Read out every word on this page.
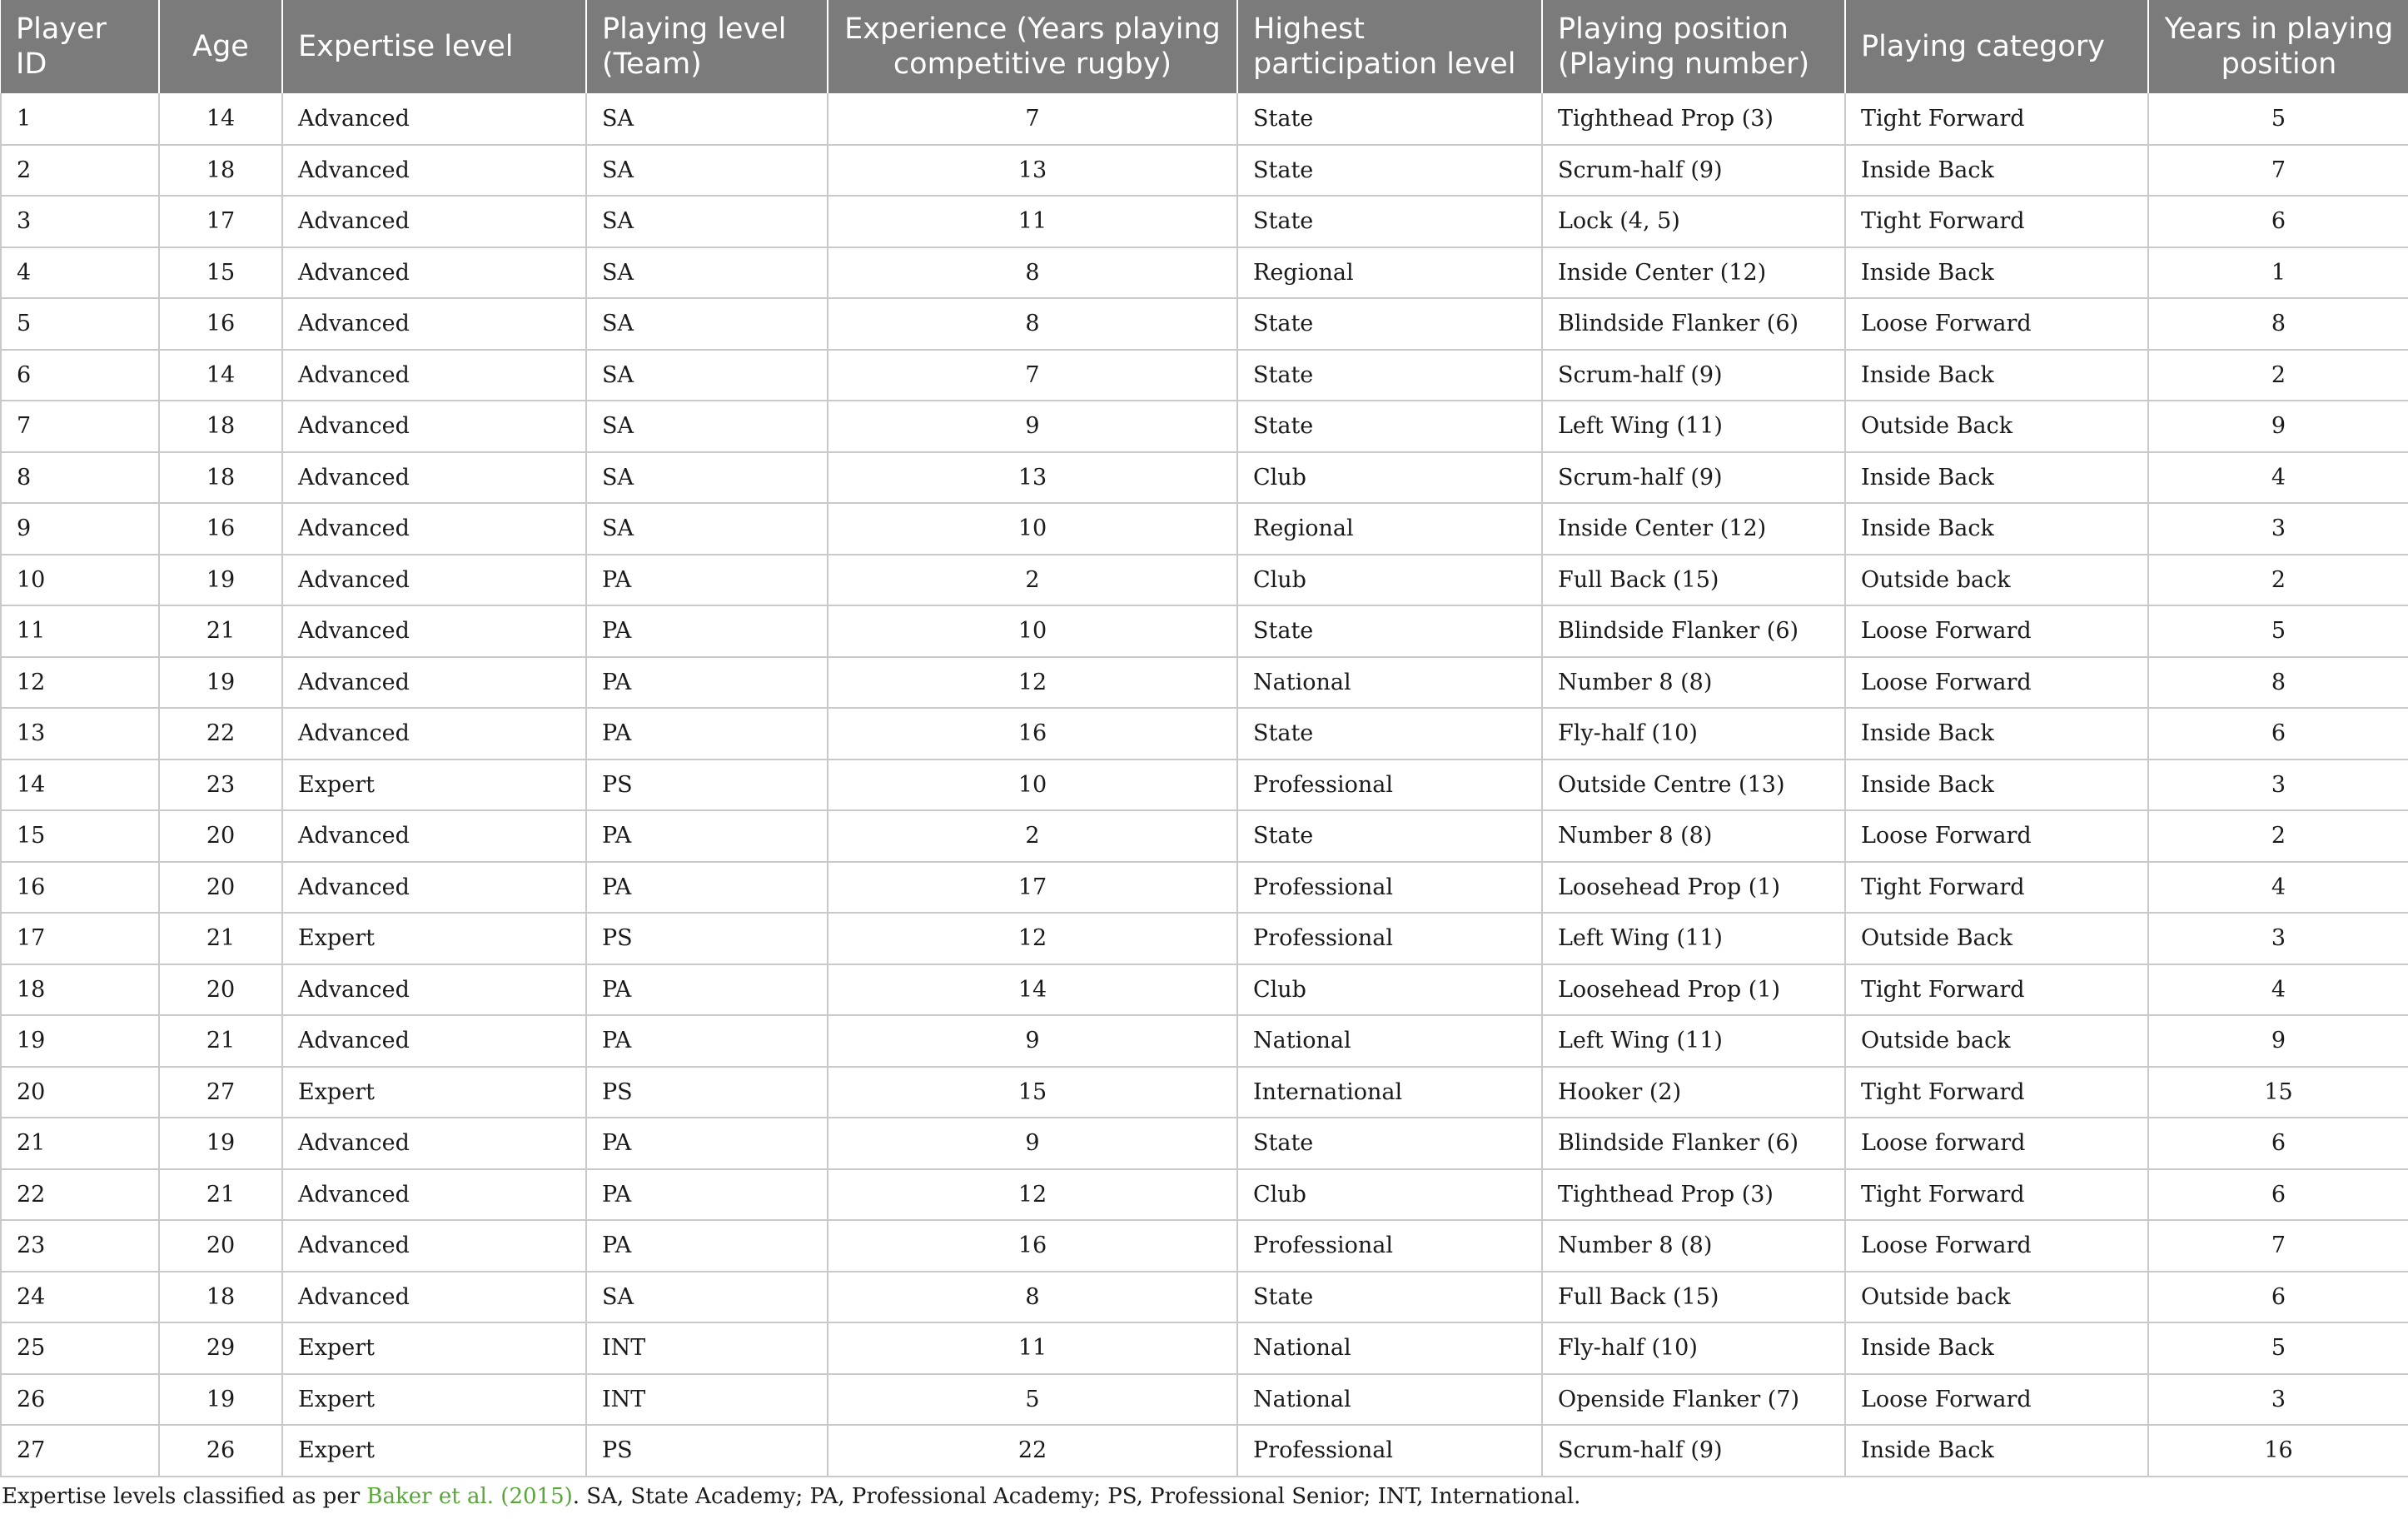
Player ID	Age	Expertise level	Playing level (Team)	Experience (Years playing competitive rugby)	Highest participation level	Playing position (Playing number)	Playing category	Years in playing position
1	14	Advanced	SA	7	State	Tighthead Prop (3)	Tight Forward	5
2	18	Advanced	SA	13	State	Scrum-half (9)	Inside Back	7
3	17	Advanced	SA	11	State	Lock (4, 5)	Tight Forward	6
4	15	Advanced	SA	8	Regional	Inside Center (12)	Inside Back	1
5	16	Advanced	SA	8	State	Blindside Flanker (6)	Loose Forward	8
6	14	Advanced	SA	7	State	Scrum-half (9)	Inside Back	2
7	18	Advanced	SA	9	State	Left Wing (11)	Outside Back	9
8	18	Advanced	SA	13	Club	Scrum-half (9)	Inside Back	4
9	16	Advanced	SA	10	Regional	Inside Center (12)	Inside Back	3
10	19	Advanced	PA	2	Club	Full Back (15)	Outside back	2
11	21	Advanced	PA	10	State	Blindside Flanker (6)	Loose Forward	5
12	19	Advanced	PA	12	National	Number 8 (8)	Loose Forward	8
13	22	Advanced	PA	16	State	Fly-half (10)	Inside Back	6
14	23	Expert	PS	10	Professional	Outside Centre (13)	Inside Back	3
15	20	Advanced	PA	2	State	Number 8 (8)	Loose Forward	2
16	20	Advanced	PA	17	Professional	Loosehead Prop (1)	Tight Forward	4
17	21	Expert	PS	12	Professional	Left Wing (11)	Outside Back	3
18	20	Advanced	PA	14	Club	Loosehead Prop (1)	Tight Forward	4
19	21	Advanced	PA	9	National	Left Wing (11)	Outside back	9
20	27	Expert	PS	15	International	Hooker (2)	Tight Forward	15
21	19	Advanced	PA	9	State	Blindside Flanker (6)	Loose forward	6
22	21	Advanced	PA	12	Club	Tighthead Prop (3)	Tight Forward	6
23	20	Advanced	PA	16	Professional	Number 8 (8)	Loose Forward	7
24	18	Advanced	SA	8	State	Full Back (15)	Outside back	6
25	29	Expert	INT	11	National	Fly-half (10)	Inside Back	5
26	19	Expert	INT	5	National	Openside Flanker (7)	Loose Forward	3
27	26	Expert	PS	22	Professional	Scrum-half (9)	Inside Back	16
Expertise levels classified as per Baker et al. (2015). SA, State Academy; PA, Professional Academy; PS, Professional Senior; INT, International.
